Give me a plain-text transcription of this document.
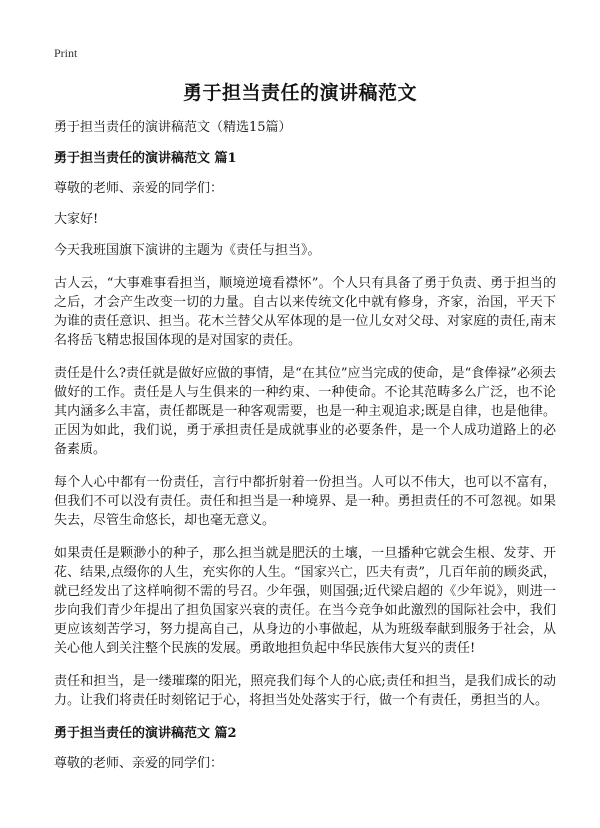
Print
勇于担当责任的演讲稿范文

勇于担当责任的演讲稿范文（精选15篇）

勇于担当责任的演讲稿范文 篇1

尊敬的老师、亲爱的同学们：

大家好!

今天我班国旗下演讲的主题为《责任与担当》。

古人云，“大事难事看担当，顺境逆境看襟怀”。个人只有具备了勇于负责、勇于担当的之后，才会产生改变一切的力量。自古以来传统文化中就有修身，齐家，治国，平天下为谁的责任意识、担当。花木兰替父从军体现的是一位儿女对父母、对家庭的责任,南末名将岳飞精忠报国体现的是对国家的责任。

责任是什么?责任就是做好应做的事情，是“在其位”应当完成的使命，是“食俸禄”必须去做好的工作。责任是人与生俱来的一种约束、一种使命。不论其范畴多么广泛，也不论其内涵多么丰富，责任都既是一种客观需要，也是一种主观追求;既是自律，也是他律。正因为如此，我们说，勇于承担责任是成就事业的必要条件，是一个人成功道路上的必备素质。

每个人心中都有一份责任，言行中都折射着一份担当。人可以不伟大，也可以不富有，但我们不可以没有责任。责任和担当是一种境界、是一种。勇担责任的不可忽视。如果失去，尽管生命悠长，却也毫无意义。

如果责任是颗渺小的种子，那么担当就是肥沃的土壤，一旦播种它就会生根、发芽、开花、结果,点缀你的人生，充实你的人生。“国家兴亡，匹夫有责”，几百年前的顾炎武，就已经发出了这样响彻不需的号召。少年强，则国强;近代梁启超的《少年说》，则进一步向我们青少年提出了担负国家兴衰的责任。在当今竞争如此激烈的国际社会中，我们更应该刻苦学习，努力提高自己，从身边的小事做起，从为班级奉献到服务于社会，从关心他人到关注整个民族的发展。勇敢地担负起中华民族伟大复兴的责任!

责任和担当，是一缕璀璨的阳光，照亮我们每个人的心底;责任和担当，是我们成长的动力。让我们将责任时刻铭记于心，将担当处处落实于行，做一个有责任，勇担当的人。

勇于担当责任的演讲稿范文 篇2

尊敬的老师、亲爱的同学们：
